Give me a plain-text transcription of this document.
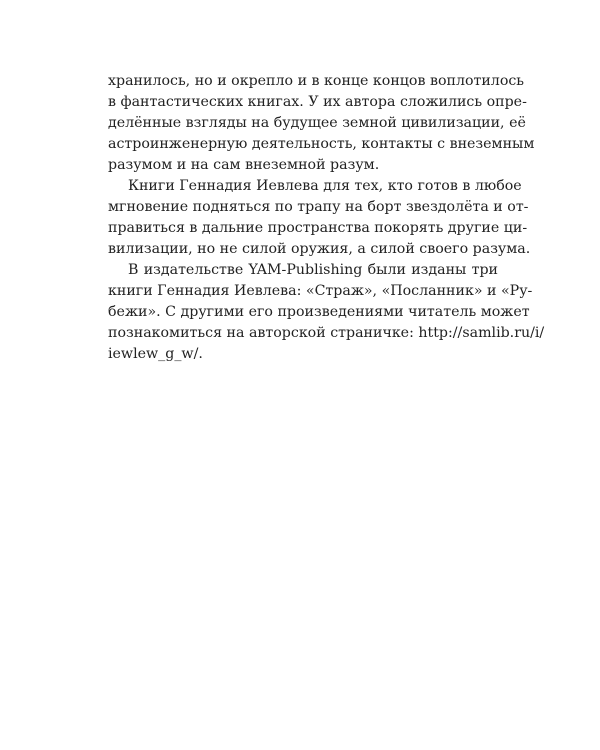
хранилось, но и окрепло и в конце концов воплотилось
в фантастических книгах. У их автора сложились опре-
делённые взгляды на будущее земной цивилизации, её
астроинженерную деятельность, контакты с внеземным
разумом и на сам внеземной разум.
Книги Геннадия Иевлева для тех, кто готов в любое
мгновение подняться по трапу на борт звездолёта и от-
правиться в дальние пространства покорять другие ци-
вилизации, но не силой оружия, а силой своего разума.
В издательстве YAM-Publishing были изданы три
книги Геннадия Иевлева: «Страж», «Посланник» и «Ру-
бежи». С другими его произведениями читатель может
познакомиться на авторской страничке: http://samlib.ru/i/
iewlew_g_w/.
